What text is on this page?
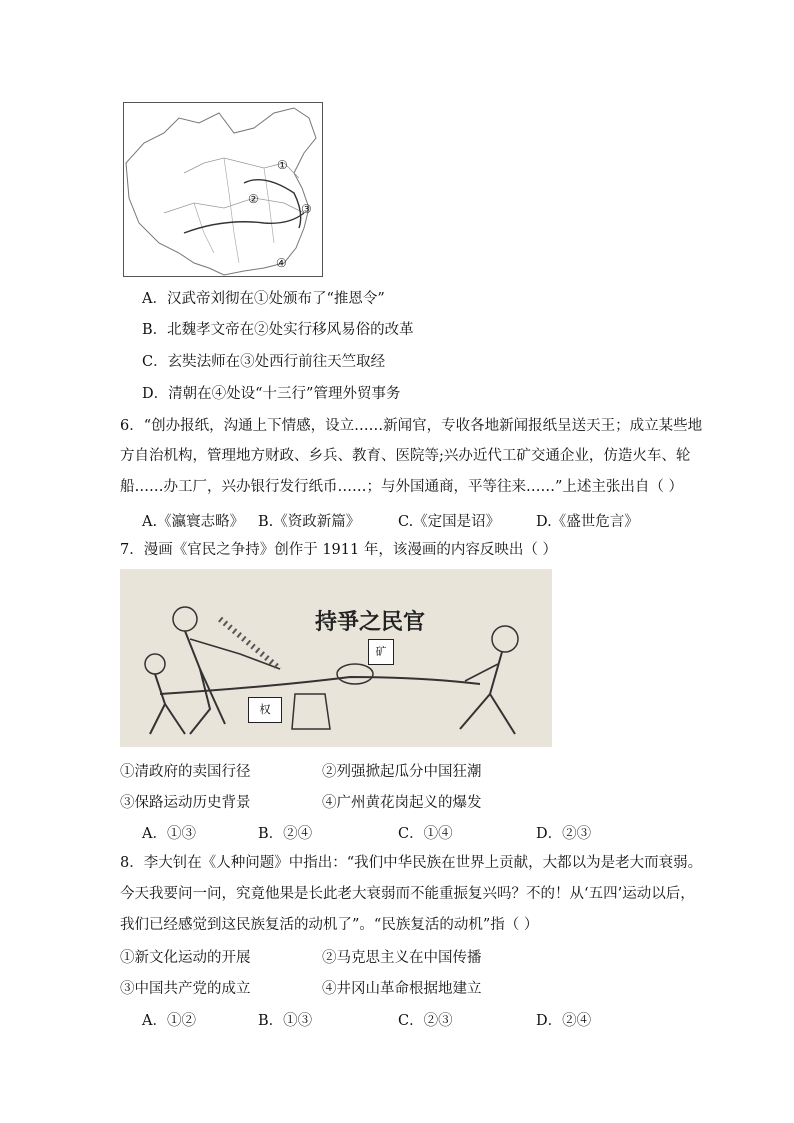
①
②
③
④
A．汉武帝刘彻在①处颁布了“推恩令”
B．北魏孝文帝在②处实行移风易俗的改革
C．玄奘法师在③处西行前往天竺取经
D．清朝在④处设“十三行”管理外贸事务
6．“创办报纸，沟通上下情感，设立……新闻官，专收各地新闻报纸呈送天王；成立某些地
方自治机构，管理地方财政、乡兵、教育、医院等;兴办近代工矿交通企业，仿造火车、轮
船……办工厂，兴办银行发行纸币……；与外国通商，平等往来……”上述主张出自（ ）
A.《瀛寰志略》 B.《资政新篇》	C.《定国是诏》 D.《盛世危言》
7．漫画《官民之争持》创作于 1911 年，该漫画的内容反映出（ ）
持爭之民官
矿
权
①清政府的卖国行径	②列强掀起瓜分中国狂潮
③保路运动历史背景	④广州黄花岗起义的爆发
A．①③	B．②④	C．①④	D．②③
8．李大钊在《人种问题》中指出：“我们中华民族在世界上贡献，大都以为是老大而衰弱。
今天我要问一问，究竟他果是长此老大衰弱而不能重振复兴吗？不的！从‘五四’运动以后，
我们已经感觉到这民族复活的动机了”。“民族复活的动机”指（ ）
①新文化运动的开展	②马克思主义在中国传播
③中国共产党的成立	④井冈山革命根据地建立
A．①②	B．①③	C．②③	D．②④
